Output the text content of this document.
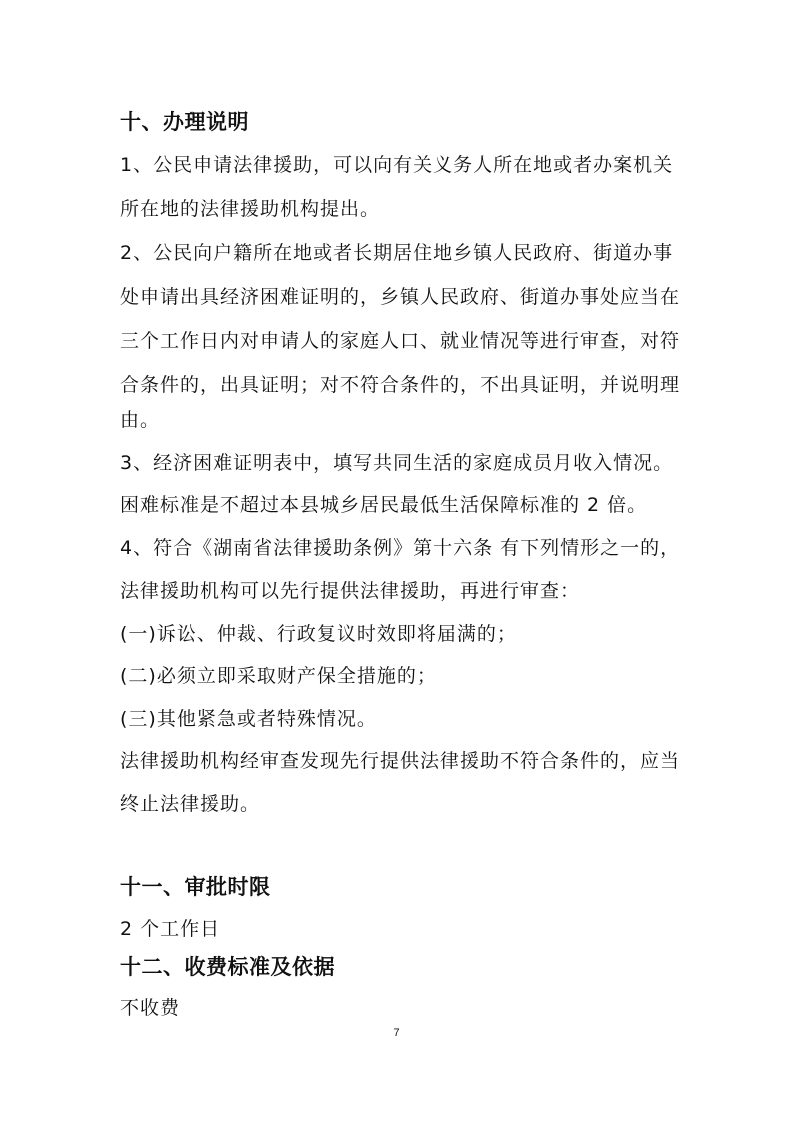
十、办理说明
1、公民申请法律援助，可以向有关义务人所在地或者办案机关
所在地的法律援助机构提出。
2、公民向户籍所在地或者长期居住地乡镇人民政府、街道办事
处申请出具经济困难证明的，乡镇人民政府、街道办事处应当在
三个工作日内对申请人的家庭人口、就业情况等进行审查，对符
合条件的，出具证明；对不符合条件的，不出具证明，并说明理
由。
3、经济困难证明表中，填写共同生活的家庭成员月收入情况。
困难标准是不超过本县城乡居民最低生活保障标准的 2 倍。
4、符合《湖南省法律援助条例》第十六条 有下列情形之一的，
法律援助机构可以先行提供法律援助，再进行审查：
(一)诉讼、仲裁、行政复议时效即将届满的；
(二)必须立即采取财产保全措施的；
(三)其他紧急或者特殊情况。
法律援助机构经审查发现先行提供法律援助不符合条件的，应当
终止法律援助。
十一、审批时限
2 个工作日
十二、收费标准及依据
不收费
7
